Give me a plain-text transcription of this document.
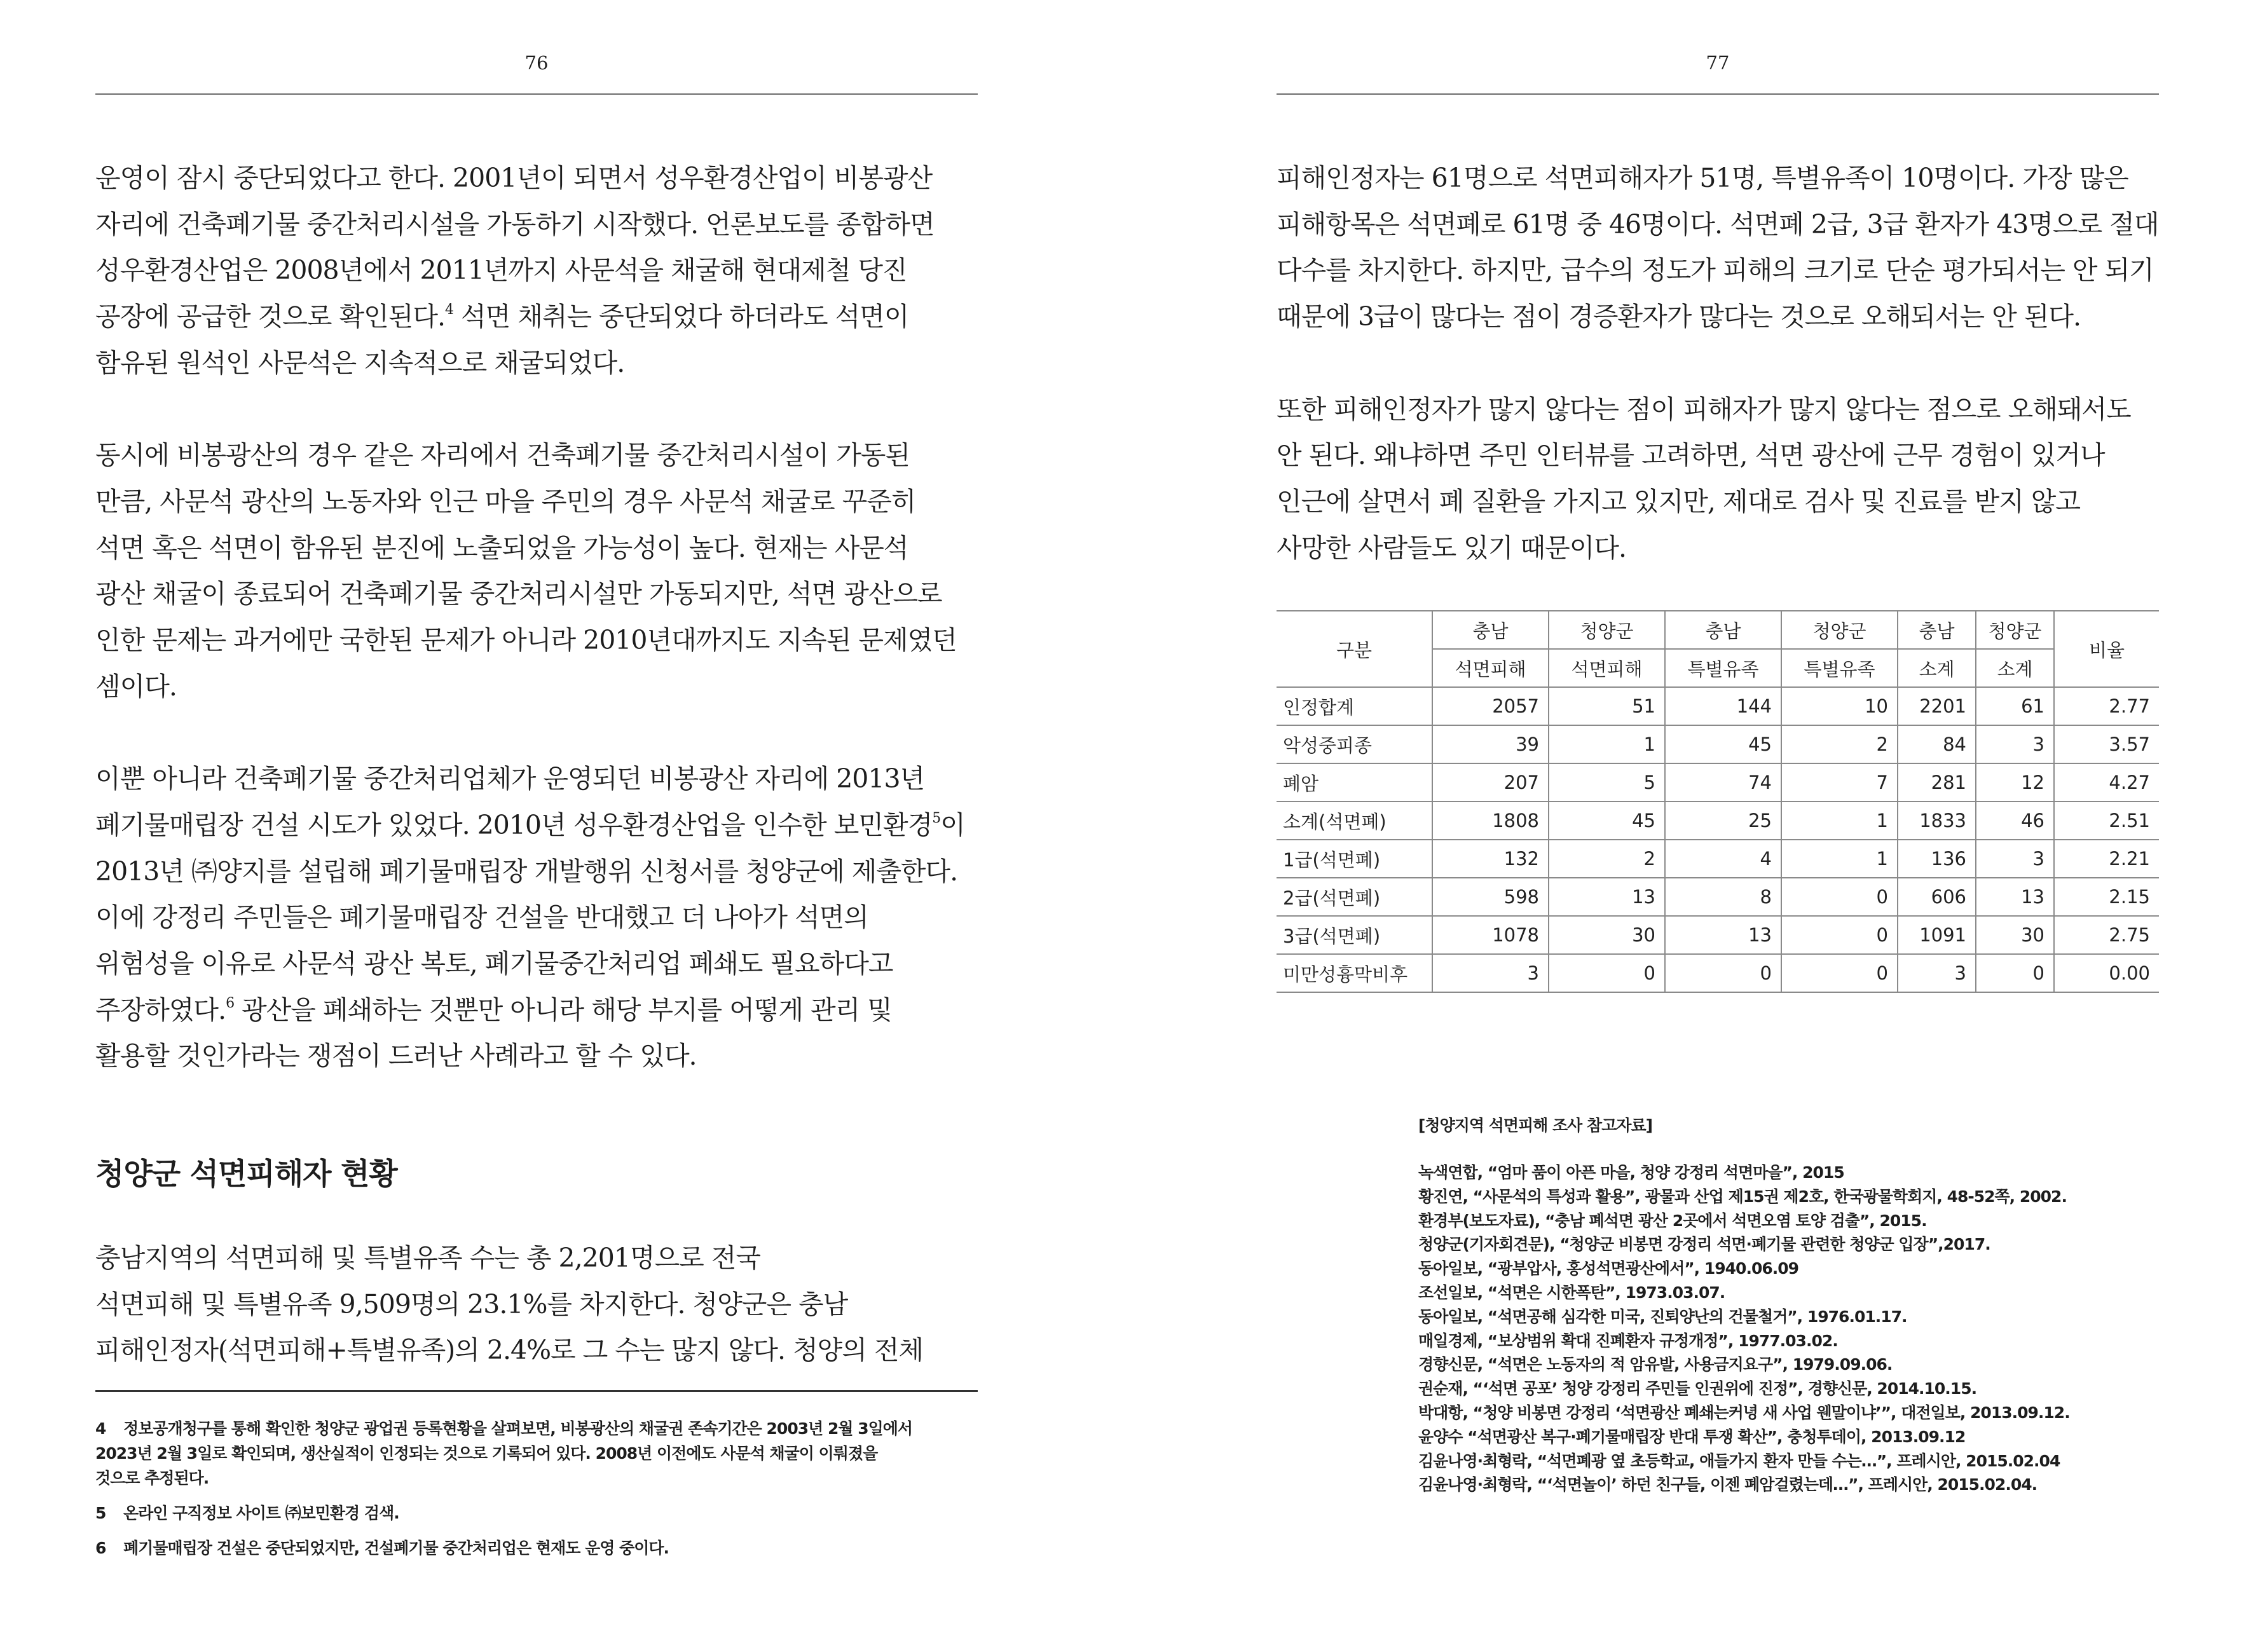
76

운영이 잠시 중단되었다고 한다. 2001년이 되면서 성우환경산업이 비봉광산

자리에 건축폐기물 중간처리시설을 가동하기 시작했다. 언론보도를 종합하면

성우환경산업은 2008년에서 2011년까지 사문석을 채굴해 현대제철 당진

공장에 공급한 것으로 확인된다.$^4$ 석면 채취는 중단되었다 하더라도 석면이

함유된 원석인 사문석은 지속적으로 채굴되었다.

동시에 비봉광산의 경우 같은 자리에서 건축폐기물 중간처리시설이 가동된

만큼, 사문석 광산의 노동자와 인근 마을 주민의 경우 사문석 채굴로 꾸준히

석면 혹은 석면이 함유된 분진에 노출되었을 가능성이 높다. 현재는 사문석

광산 채굴이 종료되어 건축폐기물 중간처리시설만 가동되지만, 석면 광산으로

인한 문제는 과거에만 국한된 문제가 아니라 2010년대까지도 지속된 문제였던

셈이다.

이뿐 아니라 건축폐기물 중간처리업체가 운영되던 비봉광산 자리에 2013년

폐기물매립장 건설 시도가 있었다. 2010년 성우환경산업을 인수한 보민환경$^5$이

2013년 ㈜양지를 설립해 폐기물매립장 개발행위 신청서를 청양군에 제출한다.

이에 강정리 주민들은 폐기물매립장 건설을 반대했고 더 나아가 석면의

위험성을 이유로 사문석 광산 복토, 폐기물중간처리업 폐쇄도 필요하다고

주장하였다.$^6$ 광산을 폐쇄하는 것뿐만 아니라 해당 부지를 어떻게 관리 및

활용할 것인가라는 쟁점이 드러난 사례라고 할 수 있다.

청양군 석면피해자 현황

충남지역의 석면피해 및 특별유족 수는 총 2,201명으로 전국

석면피해 및 특별유족 9,509명의 23.1%를 차지한다. 청양군은 충남

피해인정자(석면피해+특별유족)의 2.4%로 그 수는 많지 않다. 청양의 전체

4 정보공개청구를 통해 확인한 청양군 광업권 등록현황을 살펴보면, 비봉광산의 채굴권 존속기간은 2003년 2월 3일에서
2023년 2월 3일로 확인되며, 생산실적이 인정되는 것으로 기록되어 있다. 2008년 이전에도 사문석 채굴이 이뤄졌을
것으로 추정된다.
5 온라인 구직정보 사이트 ㈜보민환경 검색.
6 폐기물매립장 건설은 중단되었지만, 건설폐기물 중간처리업은 현재도 운영 중이다.
77

피해인정자는 61명으로 석면피해자가 51명, 특별유족이 10명이다. 가장 많은

피해항목은 석면폐로 61명 중 46명이다. 석면폐 2급, 3급 환자가 43명으로 절대

다수를 차지한다. 하지만, 급수의 정도가 피해의 크기로 단순 평가되서는 안 되기

때문에 3급이 많다는 점이 경증환자가 많다는 것으로 오해되서는 안 된다.

또한 피해인정자가 많지 않다는 점이 피해자가 많지 않다는 점으로 오해돼서도

안 된다. 왜냐하면 주민 인터뷰를 고려하면, 석면 광산에 근무 경험이 있거나

인근에 살면서 폐 질환을 가지고 있지만, 제대로 검사 및 진료를 받지 않고

사망한 사람들도 있기 때문이다.

구분	충남	청양군	충남	청양군	충남	청양군	비율
	석면피해	석면피해	특별유족	특별유족	소계	소계	
인정합계	2057	51	144	10	2201	61	2.77
악성중피종	39	1	45	2	84	3	3.57
폐암	207	5	74	7	281	12	4.27
소계(석면폐)	1808	45	25	1	1833	46	2.51
1급(석면폐)	132	2	4	1	136	3	2.21
2급(석면폐)	598	13	8	0	606	13	2.15
3급(석면폐)	1078	30	13	0	1091	30	2.75
미만성흉막비후	3	0	0	0	3	0	0.00
[청양지역 석면피해 조사 참고자료]
녹색연합, “엄마 품이 아픈 마을, 청양 강정리 석면마을”, 2015
황진연, “사문석의 특성과 활용”, 광물과 산업 제15권 제2호, 한국광물학회지, 48-52쪽, 2002.
환경부(보도자료), “충남 폐석면 광산 2곳에서 석면오염 토양 검출”, 2015.
청양군(기자회견문), “청양군 비봉면 강정리 석면·폐기물 관련한 청양군 입장”,2017.
동아일보, “광부압사, 홍성석면광산에서”, 1940.06.09
조선일보, “석면은 시한폭탄”, 1973.03.07.
동아일보, “석면공해 심각한 미국, 진퇴양난의 건물철거”, 1976.01.17.
매일경제, “보상범위 확대 진폐환자 규정개정”, 1977.03.02.
경향신문, “석면은 노동자의 적 암유발, 사용금지요구”, 1979.09.06.
권순재, “‘석면 공포’ 청양 강정리 주민들 인권위에 진정”, 경향신문, 2014.10.15.
박대항, “청양 비봉면 강정리 ‘석면광산 폐쇄는커녕 새 사업 웬말이냐’”, 대전일보, 2013.09.12.
윤양수 “석면광산 복구·폐기물매립장 반대 투쟁 확산”, 충청투데이, 2013.09.12
김윤나영·최형락, “석면폐광 옆 초등학교, 애들가지 환자 만들 수는…”, 프레시안, 2015.02.04
김윤나영·최형락, “‘석면놀이’ 하던 친구들, 이젠 폐암걸렸는데…”, 프레시안, 2015.02.04.
